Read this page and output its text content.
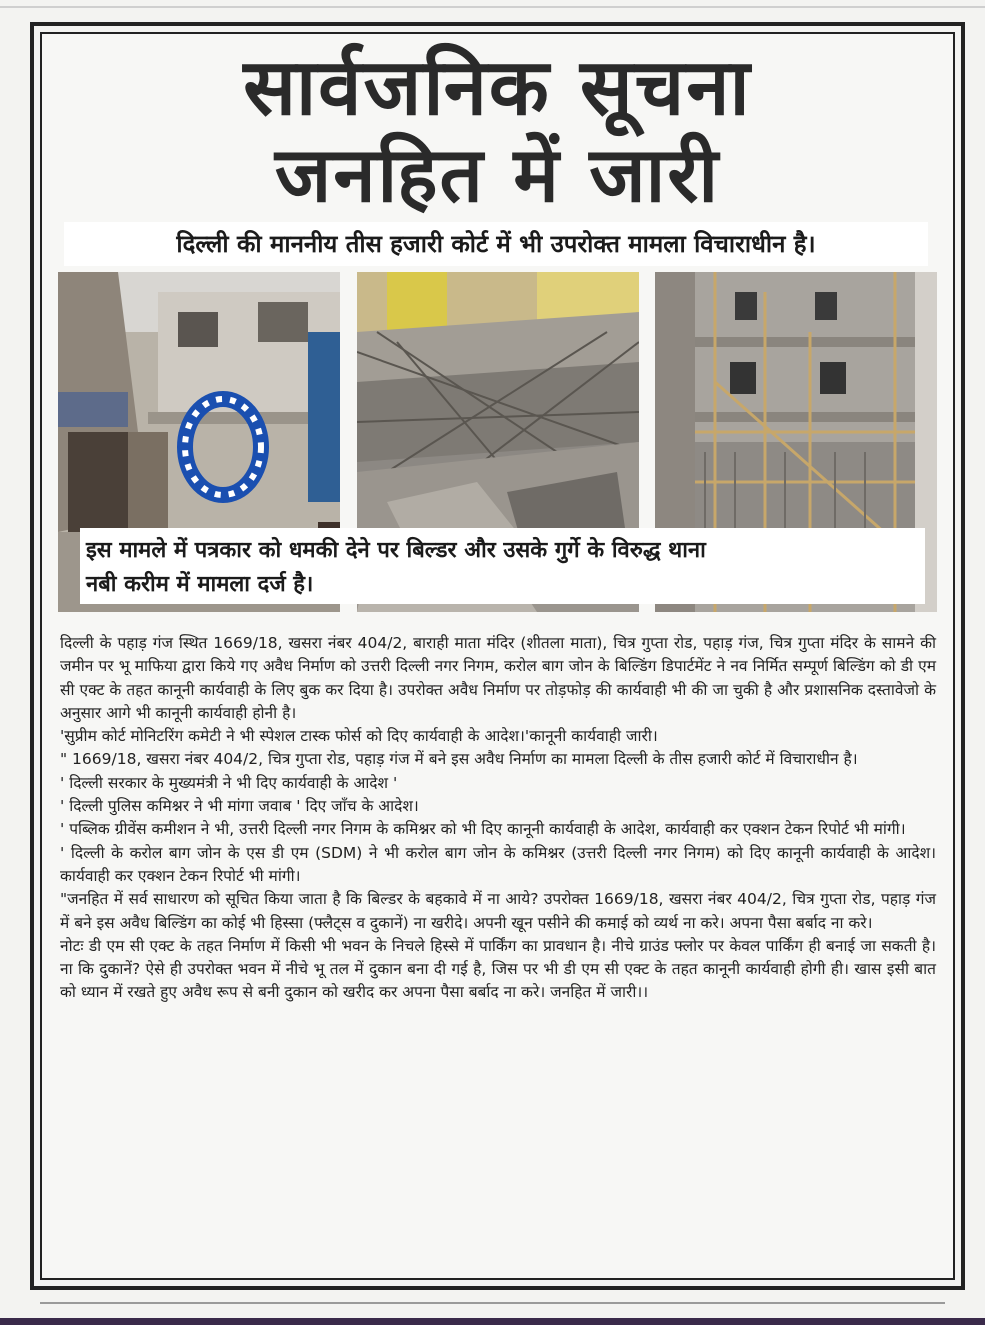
सार्वजनिक सूचना
जनहित में जारी
दिल्ली की माननीय तीस हजारी कोर्ट में भी उपरोक्त मामला विचाराधीन है।
इस मामले में पत्रकार को धमकी देने पर बिल्डर और उसके गुर्गे के विरुद्ध थाना
नबी करीम में मामला दर्ज है।

दिल्ली के पहाड़ गंज स्थित 1669/18, खसरा नंबर 404/2, बाराही माता मंदिर (शीतला माता), चित्र गुप्ता रोड, पहाड़ गंज, चित्र गुप्ता मंदिर के सामने की जमीन पर भू माफिया द्वारा किये गए अवैध निर्माण को उत्तरी दिल्ली नगर निगम, करोल बाग जोन के बिल्डिंग डिपार्टमेंट ने नव निर्मित सम्पूर्ण बिल्डिंग को डी एम सी एक्ट के तहत कानूनी कार्यवाही के लिए बुक कर दिया है। उपरोक्त अवैध निर्माण पर तोड़फोड़ की कार्यवाही भी की जा चुकी है और प्रशासनिक दस्तावेजो के अनुसार आगे भी कानूनी कार्यवाही होनी है।

'सुप्रीम कोर्ट मोनिटरिंग कमेटी ने भी स्पेशल टास्क फोर्स को दिए कार्यवाही के आदेश।'कानूनी कार्यवाही जारी।

" 1669/18, खसरा नंबर 404/2, चित्र गुप्ता रोड, पहाड़ गंज में बने इस अवैध निर्माण का मामला दिल्ली के तीस हजारी कोर्ट में विचाराधीन है।

' दिल्ली सरकार के मुख्यमंत्री ने भी दिए कार्यवाही के आदेश '

' दिल्ली पुलिस कमिश्नर ने भी मांगा जवाब ' दिए जाँच के आदेश।

' पब्लिक ग्रीवेंस कमीशन ने भी, उत्तरी दिल्ली नगर निगम के कमिश्नर को भी दिए कानूनी कार्यवाही के आदेश, कार्यवाही कर एक्शन टेकन रिपोर्ट भी मांगी।

' दिल्ली के करोल बाग जोन के एस डी एम (SDM) ने भी करोल बाग जोन के कमिश्नर (उत्तरी दिल्ली नगर निगम) को दिए कानूनी कार्यवाही के आदेश। कार्यवाही कर एक्शन टेकन रिपोर्ट भी मांगी।

"जनहित में सर्व साधारण को सूचित किया जाता है कि बिल्डर के बहकावे में ना आये? उपरोक्त 1669/18, खसरा नंबर 404/2, चित्र गुप्ता रोड, पहाड़ गंज में बने इस अवैध बिल्डिंग का कोई भी हिस्सा (फ्लैट्स व दुकानें) ना खरीदे। अपनी खून पसीने की कमाई को व्यर्थ ना करे। अपना पैसा बर्बाद ना करे।

नोटः डी एम सी एक्ट के तहत निर्माण में किसी भी भवन के निचले हिस्से में पार्किंग का प्रावधान है। नीचे ग्राउंड फ्लोर पर केवल पार्किंग ही बनाई जा सकती है। ना कि दुकानें? ऐसे ही उपरोक्त भवन में नीचे भू तल में दुकान बना दी गई है, जिस पर भी डी एम सी एक्ट के तहत कानूनी कार्यवाही होगी ही। खास इसी बात को ध्यान में रखते हुए अवैध रूप से बनी दुकान को खरीद कर अपना पैसा बर्बाद ना करे। जनहित में जारी।।
